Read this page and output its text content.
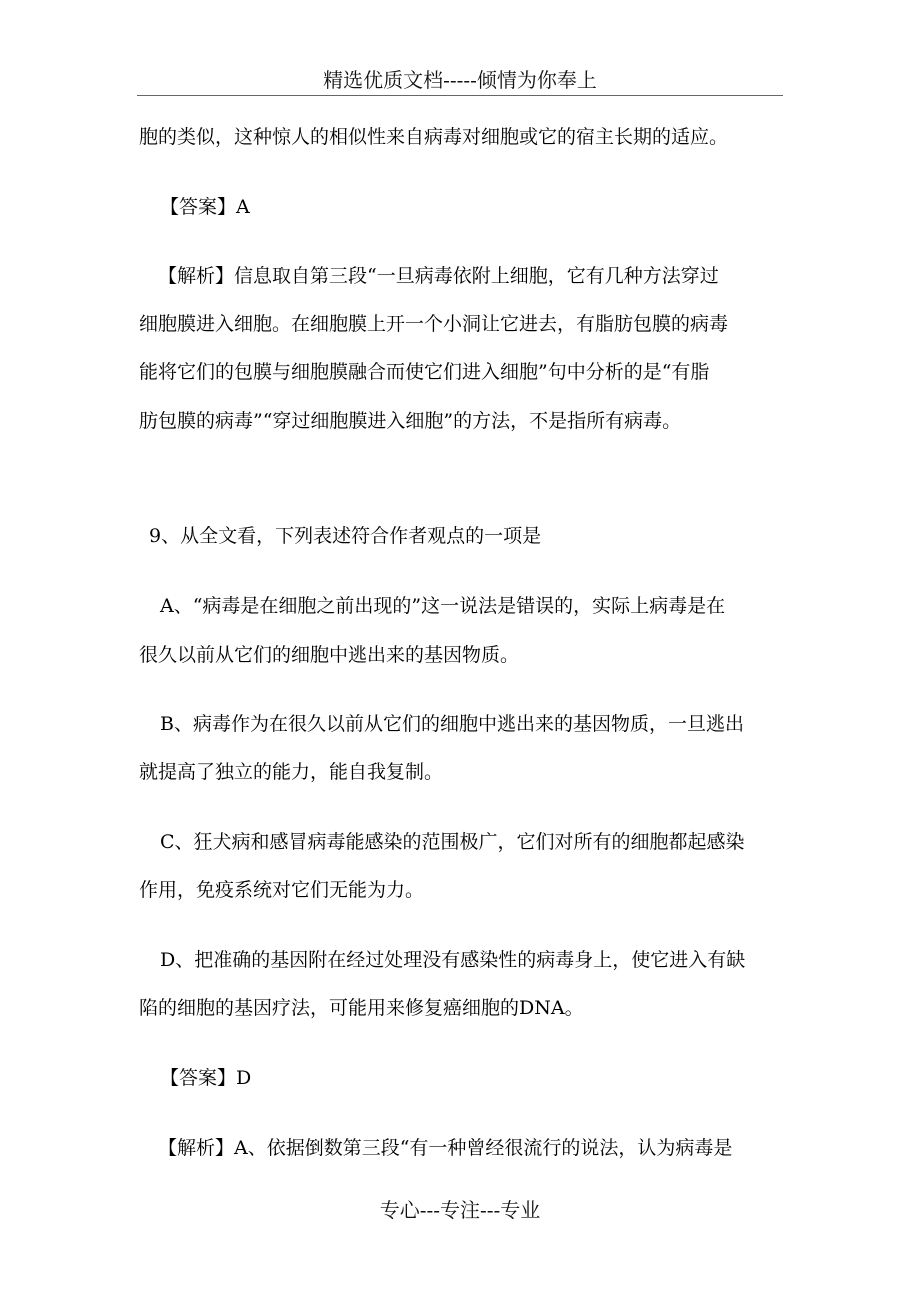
精选优质文档-----倾情为你奉上
胞的类似，这种惊人的相似性来自病毒对细胞或它的宿主长期的适应。
【答案】A
【解析】信息取自第三段“一旦病毒依附上细胞，它有几种方法穿过
细胞膜进入细胞。在细胞膜上开一个小洞让它进去，有脂肪包膜的病毒
能将它们的包膜与细胞膜融合而使它们进入细胞”句中分析的是“有脂
肪包膜的病毒”“穿过细胞膜进入细胞”的方法，不是指所有病毒。
9、从全文看，下列表述符合作者观点的一项是
A、“病毒是在细胞之前出现的”这一说法是错误的，实际上病毒是在
很久以前从它们的细胞中逃出来的基因物质。
B、病毒作为在很久以前从它们的细胞中逃出来的基因物质，一旦逃出
就提高了独立的能力，能自我复制。
C、狂犬病和感冒病毒能感染的范围极广，它们对所有的细胞都起感染
作用，免疫系统对它们无能为力。
D、把准确的基因附在经过处理没有感染性的病毒身上，使它进入有缺
陷的细胞的基因疗法，可能用来修复癌细胞的DNA。
【答案】D
【解析】A、依据倒数第三段“有一种曾经很流行的说法，认为病毒是
专心---专注---专业
